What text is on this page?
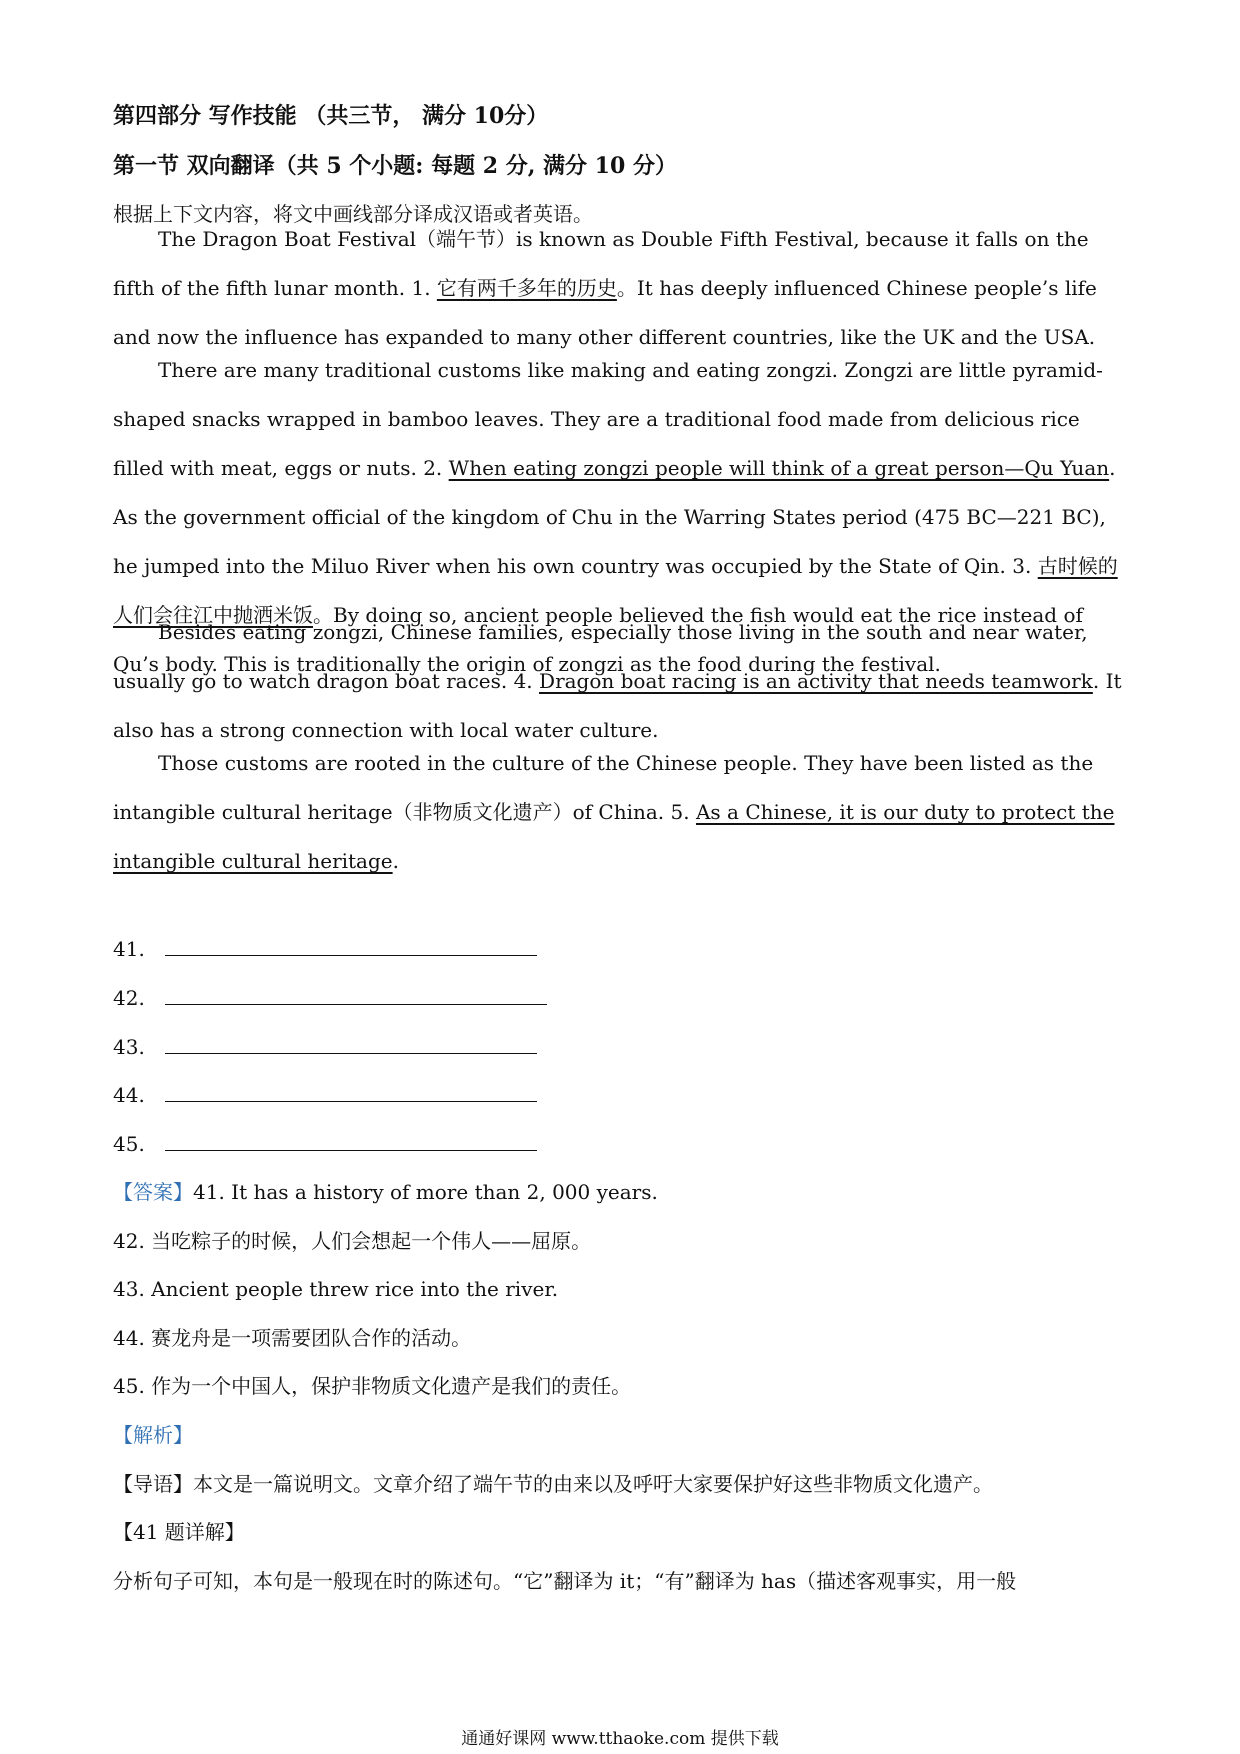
第四部分 写作技能 （共三节， 满分 10分）
第一节 双向翻译（共 5 个小题: 每题 2 分, 满分 10 分）
根据上下文内容，将文中画线部分译成汉语或者英语。
The Dragon Boat Festival（端午节）is known as Double Fifth Festival, because it falls on the fifth of the fifth lunar month. 1. 它有两千多年的历史。It has deeply influenced Chinese people’s life and now the influence has expanded to many other different countries, like the UK and the USA.
There are many traditional customs like making and eating zongzi. Zongzi are little pyramid-shaped snacks wrapped in bamboo leaves. They are a traditional food made from delicious rice filled with meat, eggs or nuts. 2. When eating zongzi people will think of a great person—Qu Yuan. As the government official of the kingdom of Chu in the Warring States period (475 BC—221 BC), he jumped into the Miluo River when his own country was occupied by the State of Qin. 3. 古时候的人们会往江中抛洒米饭。By doing so, ancient people believed the fish would eat the rice instead of Qu’s body. This is traditionally the origin of zongzi as the food during the festival.
Besides eating zongzi, Chinese families, especially those living in the south and near water, usually go to watch dragon boat races. 4. Dragon boat racing is an activity that needs teamwork. It also has a strong connection with local water culture.
Those customs are rooted in the culture of the Chinese people. They have been listed as the intangible cultural heritage（非物质文化遗产）of China. 5. As a Chinese, it is our duty to protect the intangible cultural heritage.
41.
42.
43.
44.
45.
【答案】41. It has a history of more than 2, 000 years.
42. 当吃粽子的时候，人们会想起一个伟人——屈原。
43. Ancient people threw rice into the river.
44. 赛龙舟是一项需要团队合作的活动。
45. 作为一个中国人，保护非物质文化遗产是我们的责任。
【解析】
【导语】本文是一篇说明文。文章介绍了端午节的由来以及呼吁大家要保护好这些非物质文化遗产。
【41 题详解】
分析句子可知，本句是一般现在时的陈述句。“它”翻译为 it；“有”翻译为 has（描述客观事实，用一般
通通好课网 www.tthaoke.com 提供下载
